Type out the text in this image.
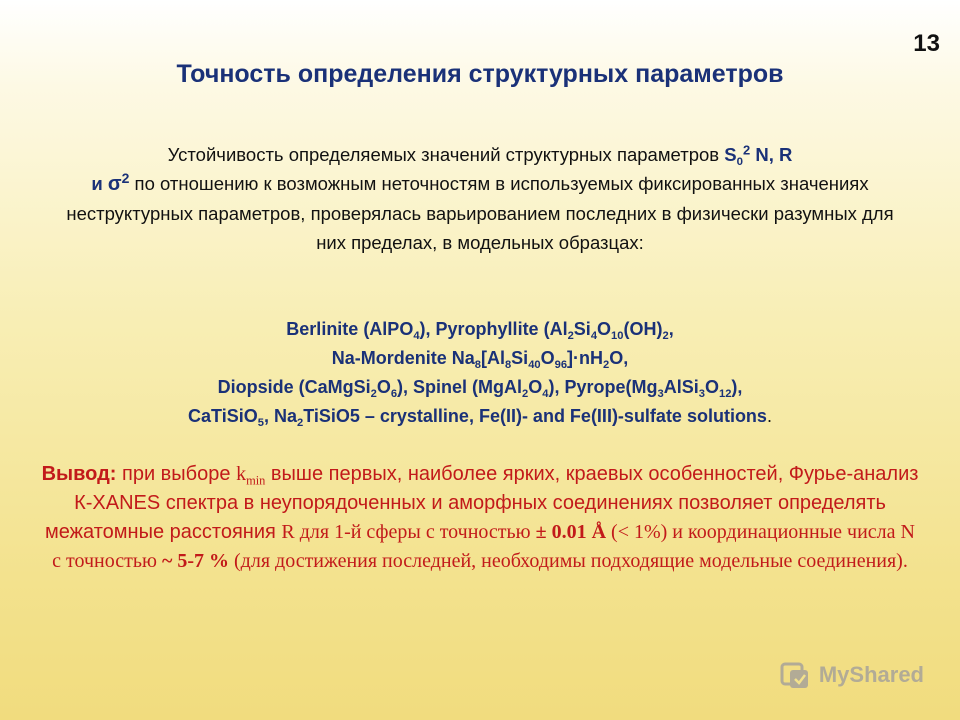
13
Точность определения структурных параметров
Устойчивость определяемых значений структурных параметров $S_0^2$ N, R
и $\sigma^2$ по отношению к возможным неточностям в используемых фиксированных значениях неструктурных параметров, проверялась варьированием последних в физически разумных для них пределах, в модельных образцах:
Berlinite (AlPO$_4$), Pyrophyllite ($Al_2Si_4O_{10}(OH)_2$,
Na-Mordenite $Na_8[Al_8Si_{40}O_{96}]\cdot nH_2O$,
Diopside $(CaMgSi_2O_6)$, Spinel $(MgAl_2O_4)$, $Pyrope(Mg_3AlSi_3O_{12})$,
CaTiSiO$_5$, $Na_2TiSiO5$ – crystalline, Fe(II)- and Fe(III)-sulfate solutions.
Вывод: при выборе $k_{min}$ выше первых, наиболее ярких, краевых особенностей, Фурье-анализ К-XANES спектра в неупорядоченных и аморфных соединениях позволяет определять межатомные расстояния R для 1-й сферы с точностью ± 0.01 Å (< 1%) и координационные числа N с точностью ~ 5-7 % (для достижения последней, необходимы подходящие модельные соединения).
MyShared
